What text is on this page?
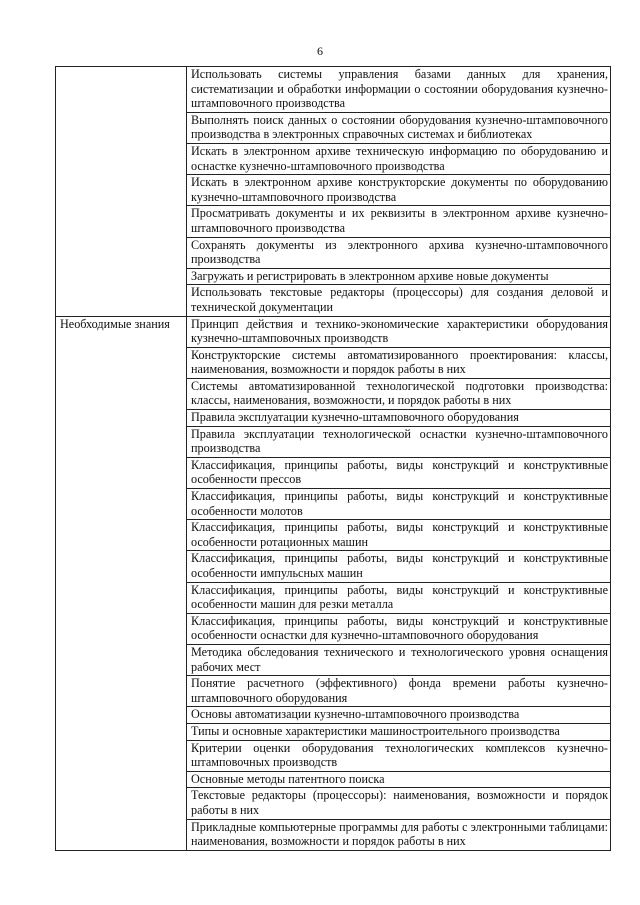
6
	Использовать системы управления базами данных для хранения, систематизации и обработки информации о состоянии оборудования кузнечно-штамповочного производства
	Выполнять поиск данных о состоянии оборудования кузнечно-штамповочного производства в электронных справочных системах и библиотеках
	Искать в электронном архиве техническую информацию по оборудованию и оснастке кузнечно-штамповочного производства
	Искать в электронном архиве конструкторские документы по оборудованию кузнечно-штамповочного производства
	Просматривать документы и их реквизиты в электронном архиве кузнечно-штамповочного производства
	Сохранять документы из электронного архива кузнечно-штамповочного производства
	Загружать и регистрировать в электронном архиве новые документы
	Использовать текстовые редакторы (процессоры) для создания деловой и технической документации
Необходимые знания	Принцип действия и технико-экономические характеристики оборудования кузнечно-штамповочных производств
	Конструкторские системы автоматизированного проектирования: классы, наименования, возможности и порядок работы в них
	Системы автоматизированной технологической подготовки производства: классы, наименования, возможности, и порядок работы в них
	Правила эксплуатации кузнечно-штамповочного оборудования
	Правила эксплуатации технологической оснастки кузнечно-штамповочного производства
	Классификация, принципы работы, виды конструкций и конструктивные особенности прессов
	Классификация, принципы работы, виды конструкций и конструктивные особенности молотов
	Классификация, принципы работы, виды конструкций и конструктивные особенности ротационных машин
	Классификация, принципы работы, виды конструкций и конструктивные особенности импульсных машин
	Классификация, принципы работы, виды конструкций и конструктивные особенности машин для резки металла
	Классификация, принципы работы, виды конструкций и конструктивные особенности оснастки для кузнечно-штамповочного оборудования
	Методика обследования технического и технологического уровня оснащения рабочих мест
	Понятие расчетного (эффективного) фонда времени работы кузнечно-штамповочного оборудования
	Основы автоматизации кузнечно-штамповочного производства
	Типы и основные характеристики машиностроительного производства
	Критерии оценки оборудования технологических комплексов кузнечно-штамповочных производств
	Основные методы патентного поиска
	Текстовые редакторы (процессоры): наименования, возможности и порядок работы в них
	Прикладные компьютерные программы для работы с электронными таблицами: наименования, возможности и порядок работы в них
